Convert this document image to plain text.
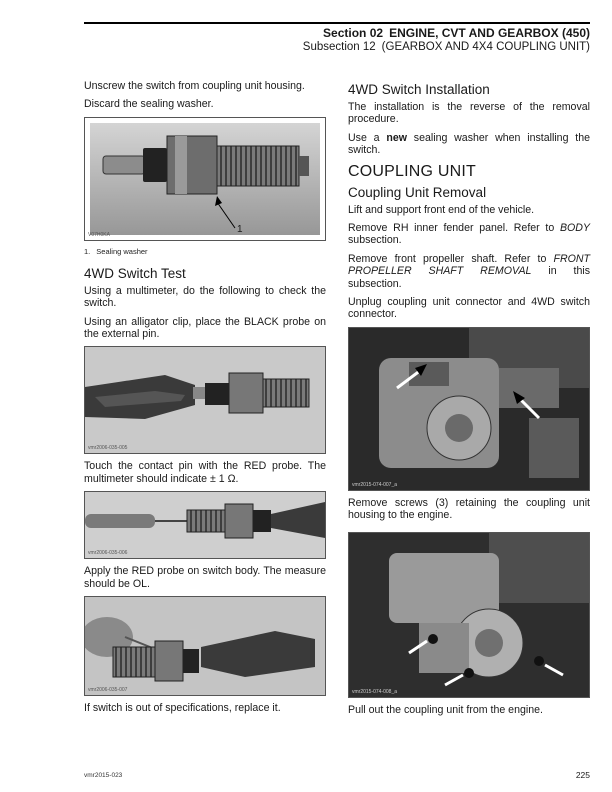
Section 02 ENGINE, CVT AND GEARBOX (450)
Subsection 12 (GEARBOX AND 4X4 COUPLING UNIT)

Unscrew the switch from coupling unit housing.

Discard the sealing washer.

1
V07H0KA
1. Sealing washer
4WD Switch Test

Using a multimeter, do the following to check the switch.

Using an alligator clip, place the BLACK probe on the external pin.

vmr2006-035-005

Touch the contact pin with the RED probe. The multimeter should indicate ± 1 Ω.

vmr2006-035-006

Apply the RED probe on switch body. The measure should be OL.

vmr2006-035-007

If switch is out of specifications, replace it.

4WD Switch Installation

The installation is the reverse of the removal procedure.

Use a new sealing washer when installing the switch.

COUPLING UNIT
Coupling Unit Removal

Lift and support front end of the vehicle.

Remove RH inner fender panel. Refer to BODY subsection.

Remove front propeller shaft. Refer to FRONT PROPELLER SHAFT REMOVAL in this subsection.

Unplug coupling unit connector and 4WD switch connector.

vmr2015-074-007_a

Remove screws (3) retaining the coupling unit housing to the engine.

vmr2015-074-008_a

Pull out the coupling unit from the engine.

vmr2015-023	225
